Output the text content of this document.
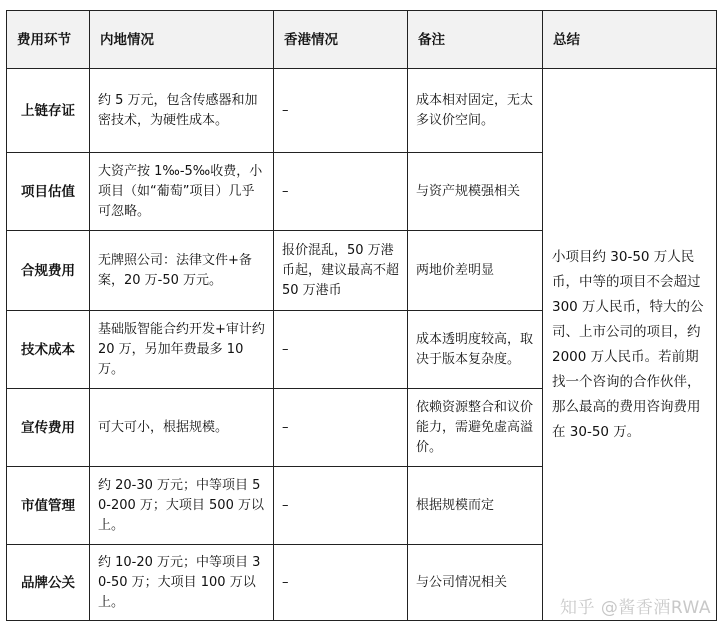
费用环节	内地情况	香港情况	备注	总结
上链存证	约 5 万元，包含传感器和加密技术，为硬性成本。	–	成本相对固定，无太多议价空间。	小项目约 30-50 万人民币，中等的项目不会超过 300 万人民币，特大的公司、上市公司的项目，约 2000 万人民币。若前期找一个咨询的合作伙伴，那么最高的费用咨询费用在 30-50 万。
项目估值	大资产按 1‰-5‰收费，小项目（如“葡萄”项目）几乎可忽略。	–	与资产规模强相关	
合规费用	无牌照公司：法律文件+备案，20 万-50 万元。	报价混乱，50 万港币起，建议最高不超 50 万港币	两地价差明显	
技术成本	基础版智能合约开发+审计约 20 万，另加年费最多 10 万。	–	成本透明度较高，取决于版本复杂度。	
宣传费用	可大可小，根据规模。	–	依赖资源整合和议价能力，需避免虚高溢价。	
市值管理	约 20-30 万元；中等项目 50-200 万；大项目 500 万以上。	–	根据规模而定	
品牌公关	约 10-20 万元；中等项目 30-50 万；大项目 100 万以上。	–	与公司情况相关	
知乎 @酱香酒RWA
